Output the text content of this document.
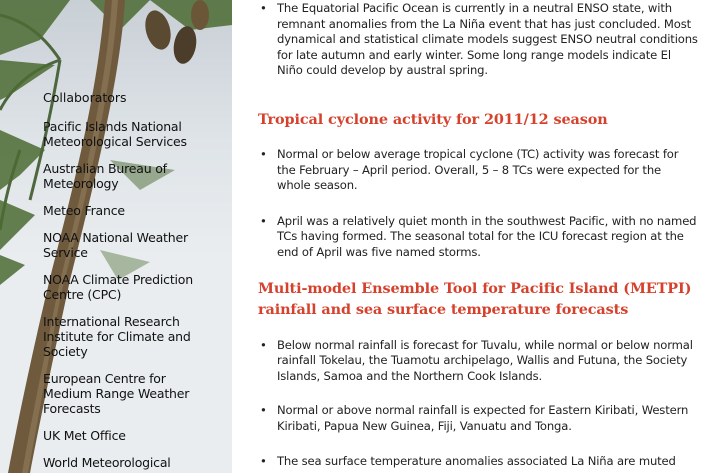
Collaborators
Pacific Islands National Meteorological Services
Australian Bureau of Meteorology
Meteo France
NOAA National Weather Service
NOAA Climate Prediction Centre (CPC)
International Research Institute for Climate and Society
European Centre for Medium Range Weather Forecasts
UK Met Office
World Meteorological
• The Equatorial Pacific Ocean is currently in a neutral ENSO state, with remnant anomalies from the La Niña event that has just concluded. Most dynamical and statistical climate models suggest ENSO neutral conditions for late autumn and early winter. Some long range models indicate El Niño could develop by austral spring.
Tropical cyclone activity for 2011/12 season
• Normal or below average tropical cyclone (TC) activity was forecast for the February – April period. Overall, 5 – 8 TCs were expected for the whole season.
• April was a relatively quiet month in the southwest Pacific, with no named TCs having formed. The seasonal total for the ICU forecast region at the end of April was five named storms.
Multi-model Ensemble Tool for Pacific Island (METPI) rainfall and sea surface temperature forecasts
• Below normal rainfall is forecast for Tuvalu, while normal or below normal rainfall Tokelau, the Tuamotu archipelago, Wallis and Futuna, the Society Islands, Samoa and the Northern Cook Islands.
• Normal or above normal rainfall is expected for Eastern Kiribati, Western Kiribati, Papua New Guinea, Fiji, Vanuatu and Tonga.
• The sea surface temperature anomalies associated La Niña are muted
